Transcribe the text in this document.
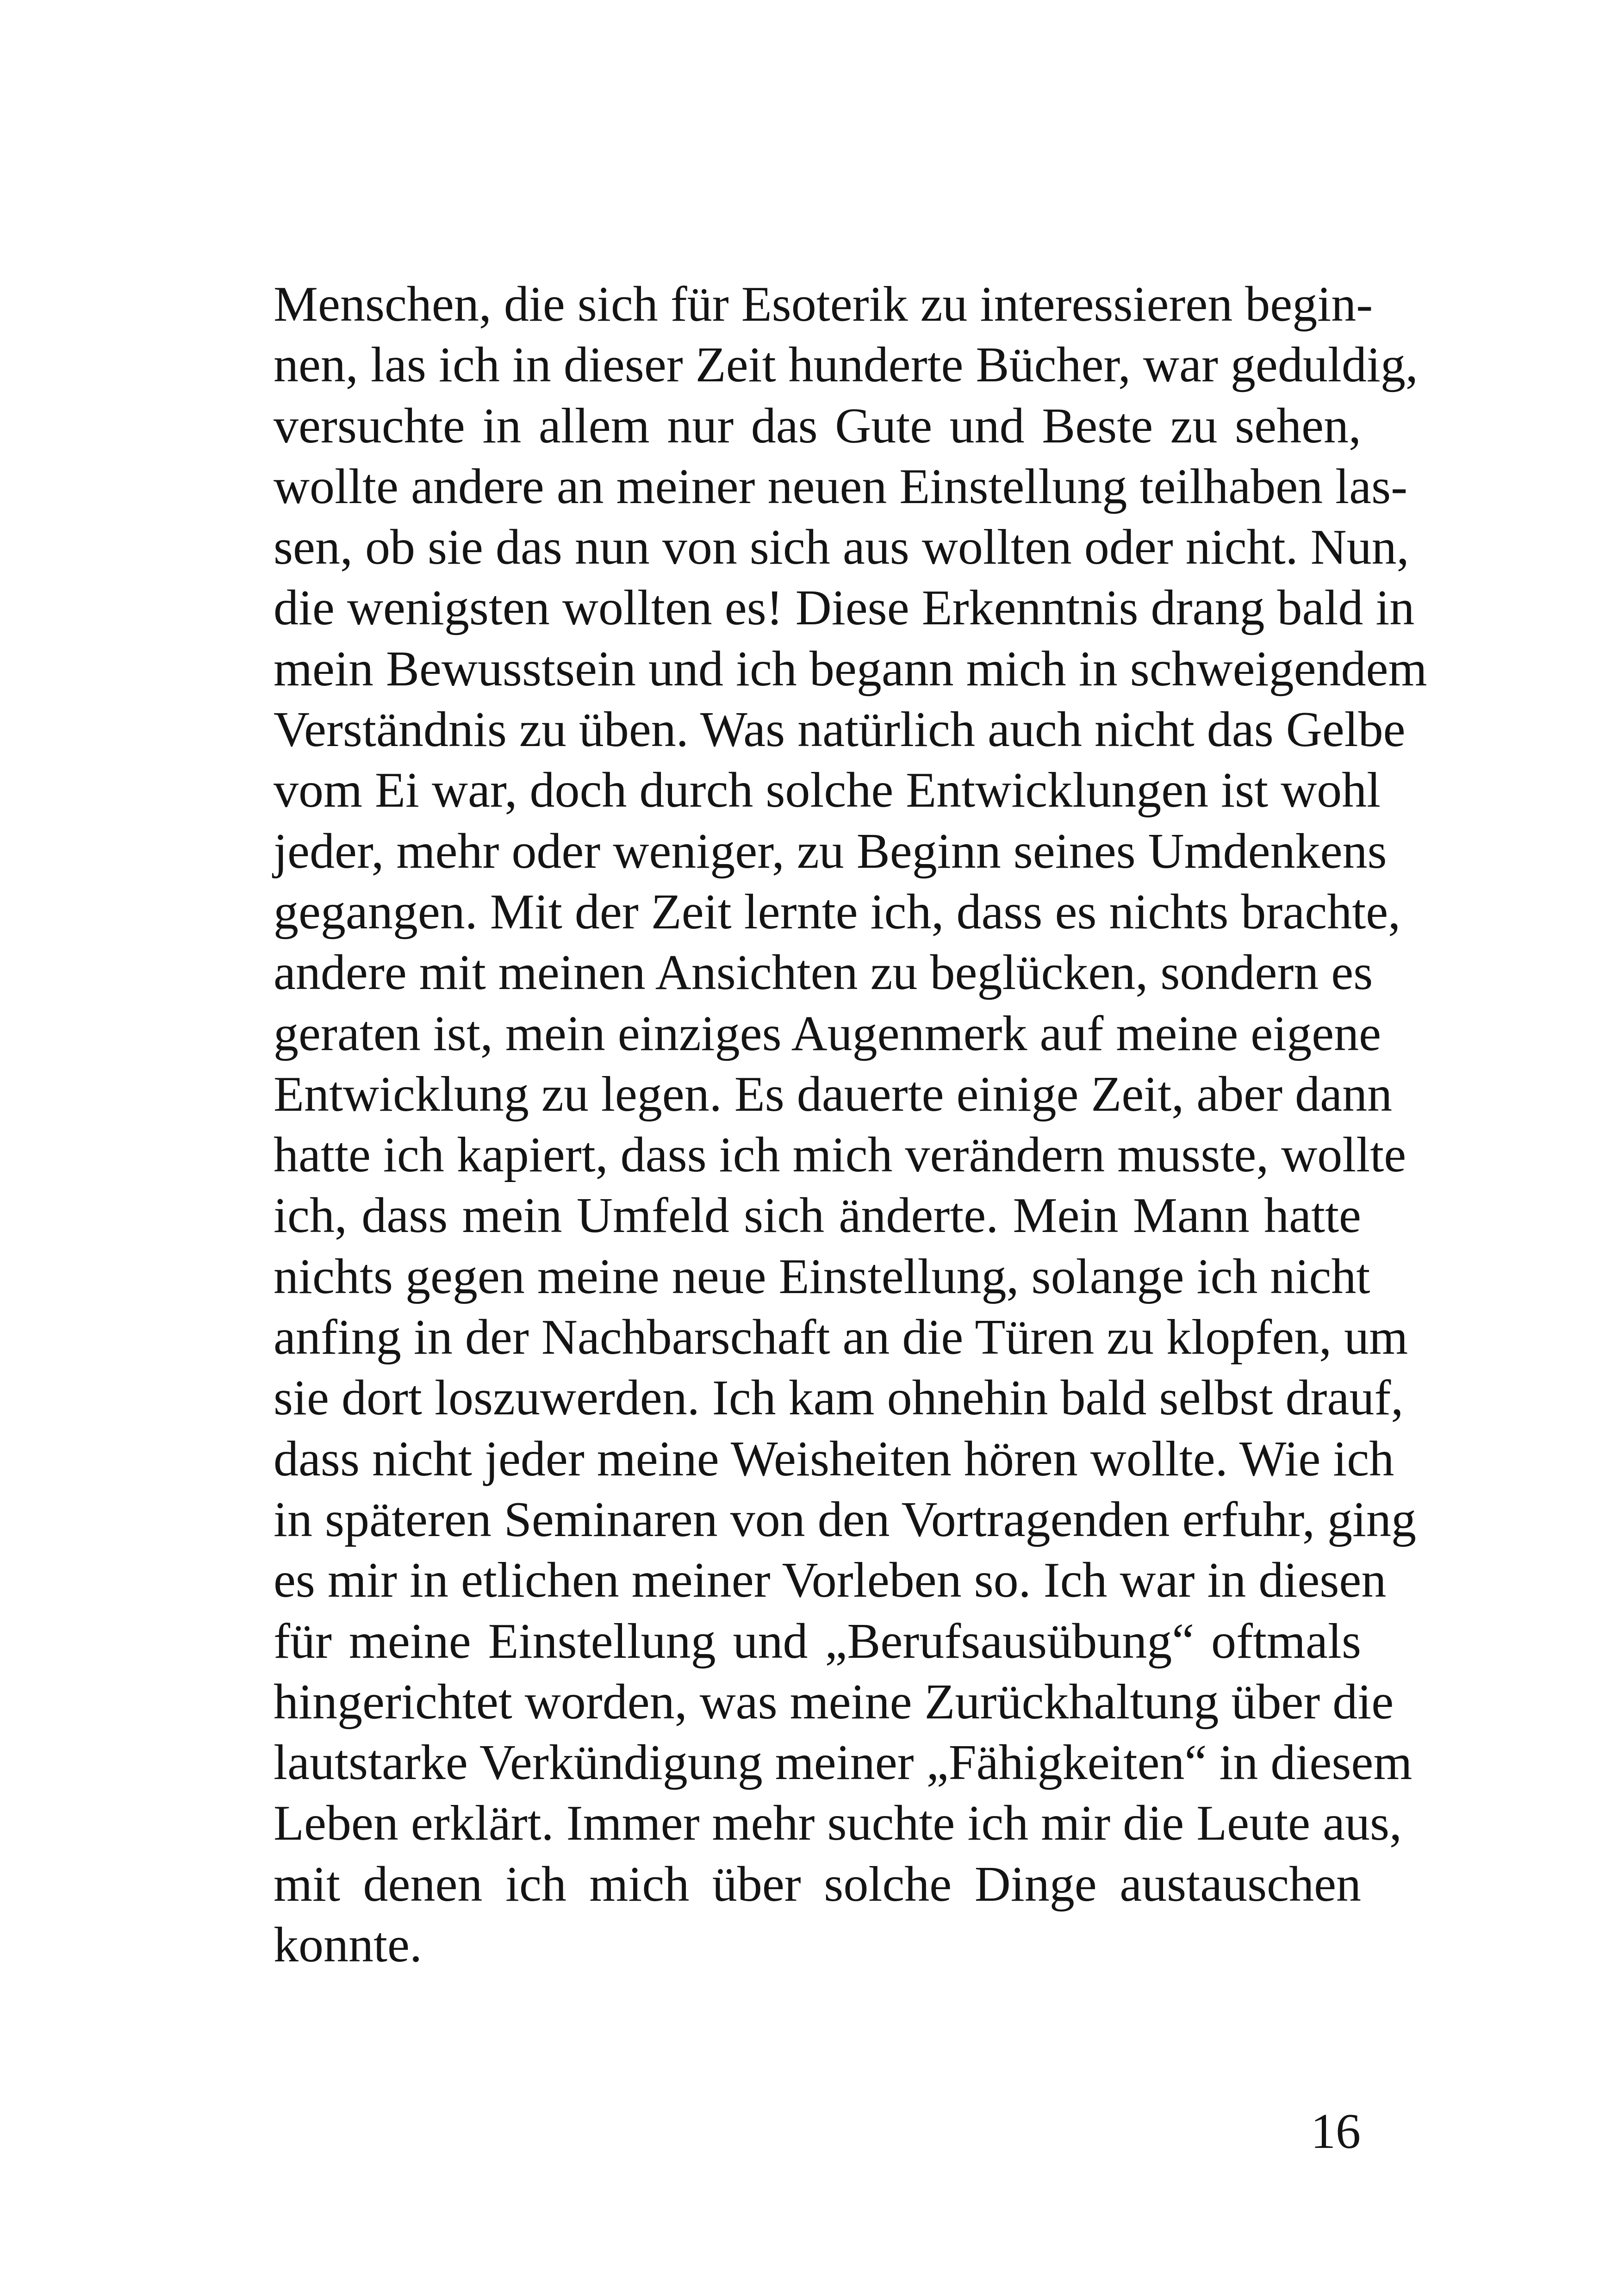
Menschen, die sich für Esoterik zu interessieren begin-
nen, las ich in dieser Zeit hunderte Bücher, war geduldig,
versuchte in allem nur das Gute und Beste zu sehen,
wollte andere an meiner neuen Einstellung teilhaben las-
sen, ob sie das nun von sich aus wollten oder nicht. Nun,
die wenigsten wollten es! Diese Erkenntnis drang bald in
mein Bewusstsein und ich begann mich in schweigendem
Verständnis zu üben. Was natürlich auch nicht das Gelbe
vom Ei war, doch durch solche Entwicklungen ist wohl
jeder, mehr oder weniger, zu Beginn seines Umdenkens
gegangen. Mit der Zeit lernte ich, dass es nichts brachte,
andere mit meinen Ansichten zu beglücken, sondern es
geraten ist, mein einziges Augenmerk auf meine eigene
Entwicklung zu legen. Es dauerte einige Zeit, aber dann
hatte ich kapiert, dass ich mich verändern musste, wollte
ich, dass mein Umfeld sich änderte. Mein Mann hatte
nichts gegen meine neue Einstellung, solange ich nicht
anfing in der Nachbarschaft an die Türen zu klopfen, um
sie dort loszuwerden. Ich kam ohnehin bald selbst drauf,
dass nicht jeder meine Weisheiten hören wollte. Wie ich
in späteren Seminaren von den Vortragenden erfuhr, ging
es mir in etlichen meiner Vorleben so. Ich war in diesen
für meine Einstellung und „Berufsausübung“ oftmals
hingerichtet worden, was meine Zurückhaltung über die
lautstarke Verkündigung meiner „Fähigkeiten“ in diesem
Leben erklärt. Immer mehr suchte ich mir die Leute aus,
mit denen ich mich über solche Dinge austauschen
konnte.

16
